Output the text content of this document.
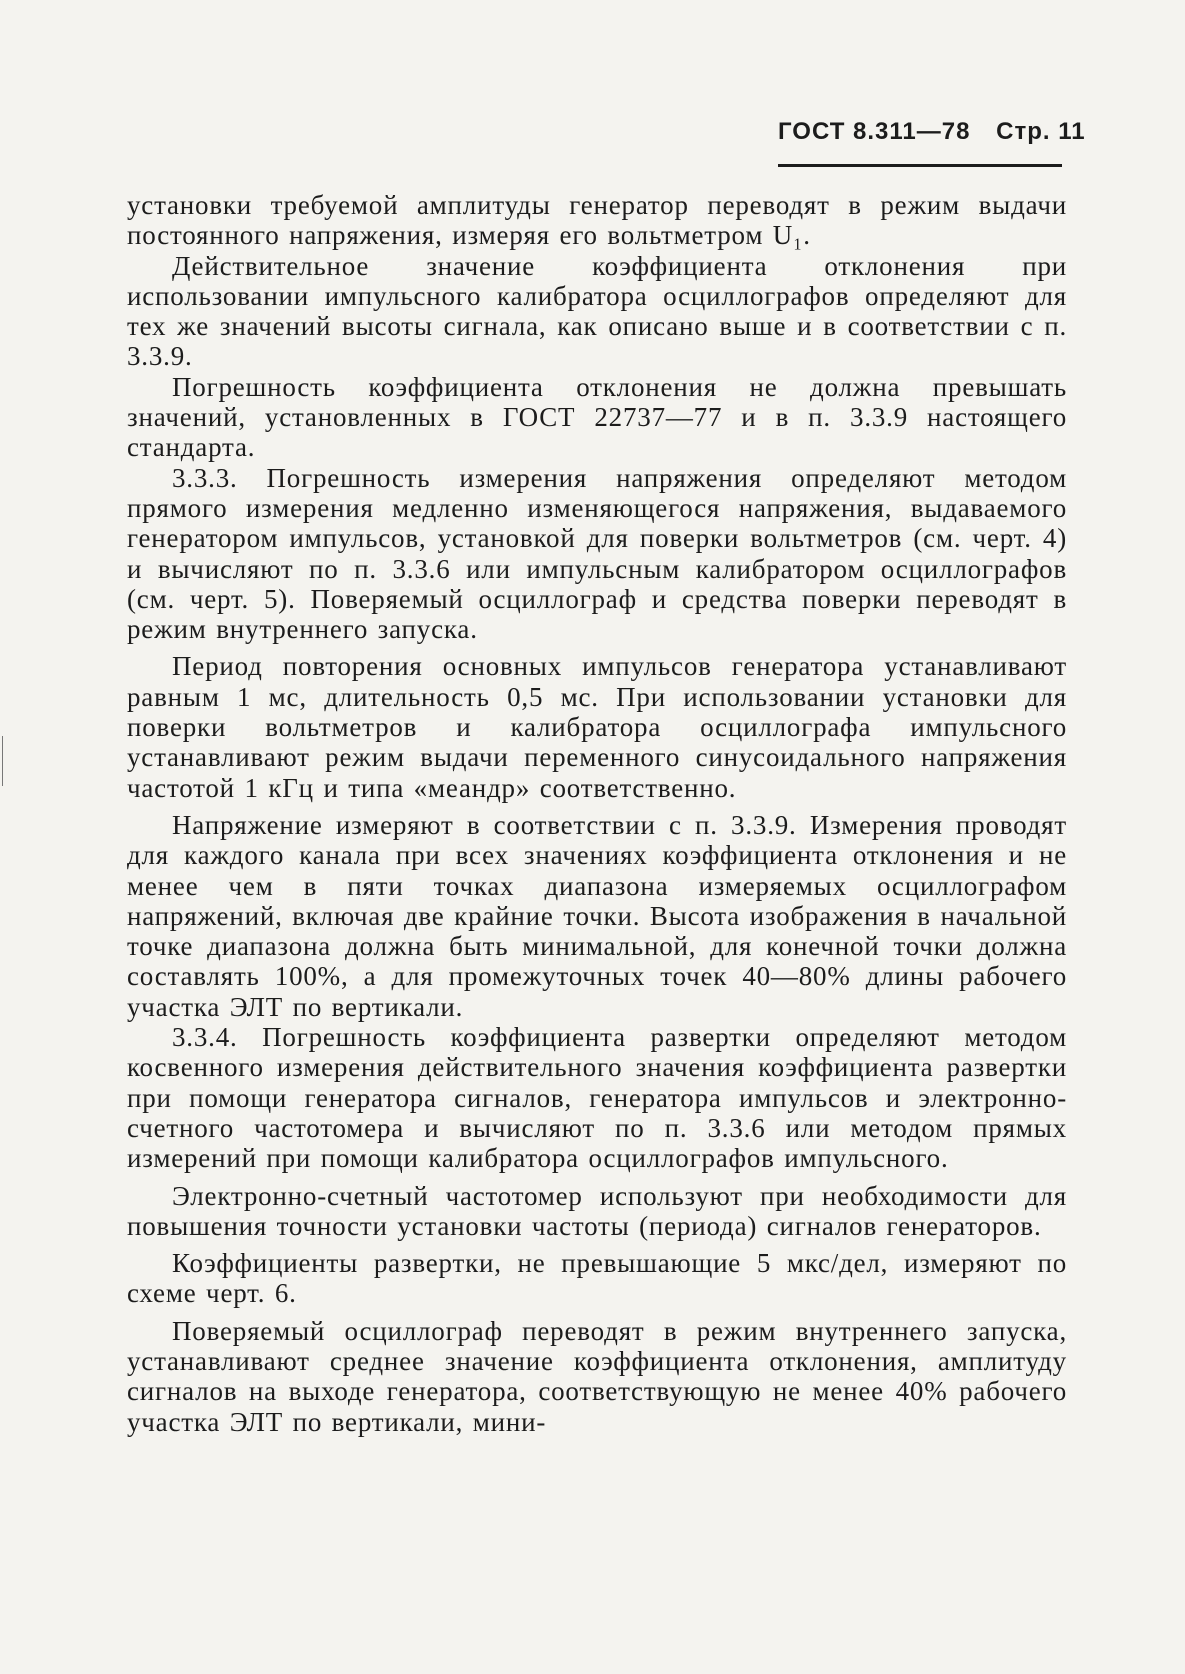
ГОСТ 8.311—78 Стр. 11

установки требуемой амплитуды генератор переводят в режим выдачи постоянного напряжения, измеряя его вольтметром U₁.

Действительное значение коэффициента отклонения при использовании импульсного калибратора осциллографов определяют для тех же значений высоты сигнала, как описано выше и в соответствии с п. 3.3.9.

Погрешность коэффициента отклонения не должна превышать значений, установленных в ГОСТ 22737—77 и в п. 3.3.9 настоящего стандарта.

3.3.3. Погрешность измерения напряжения определяют методом прямого измерения медленно изменяющегося напряжения, выдаваемого генератором импульсов, установкой для поверки вольтметров (см. черт. 4) и вычисляют по п. 3.3.6 или импульсным калибратором осциллографов (см. черт. 5). Поверяемый осциллограф и средства поверки переводят в режим внутреннего запуска.

Период повторения основных импульсов генератора устанавливают равным 1 мс, длительность 0,5 мс. При использовании установки для поверки вольтметров и калибратора осциллографа импульсного устанавливают режим выдачи переменного синусоидального напряжения частотой 1 кГц и типа «меандр» соответственно.

Напряжение измеряют в соответствии с п. 3.3.9. Измерения проводят для каждого канала при всех значениях коэффициента отклонения и не менее чем в пяти точках диапазона измеряемых осциллографом напряжений, включая две крайние точки. Высота изображения в начальной точке диапазона должна быть минимальной, для конечной точки должна составлять 100%, а для промежуточных точек 40—80% длины рабочего участка ЭЛТ по вертикали.

3.3.4. Погрешность коэффициента развертки определяют методом косвенного измерения действительного значения коэффициента развертки при помощи генератора сигналов, генератора импульсов и электронно-счетного частотомера и вычисляют по п. 3.3.6 или методом прямых измерений при помощи калибратора осциллографов импульсного.

Электронно-счетный частотомер используют при необходимости для повышения точности установки частоты (периода) сигналов генераторов.

Коэффициенты развертки, не превышающие 5 мкс/дел, измеряют по схеме черт. 6.

Поверяемый осциллограф переводят в режим внутреннего запуска, устанавливают среднее значение коэффициента отклонения, амплитуду сигналов на выходе генератора, соответствующую не менее 40% рабочего участка ЭЛТ по вертикали, мини-
